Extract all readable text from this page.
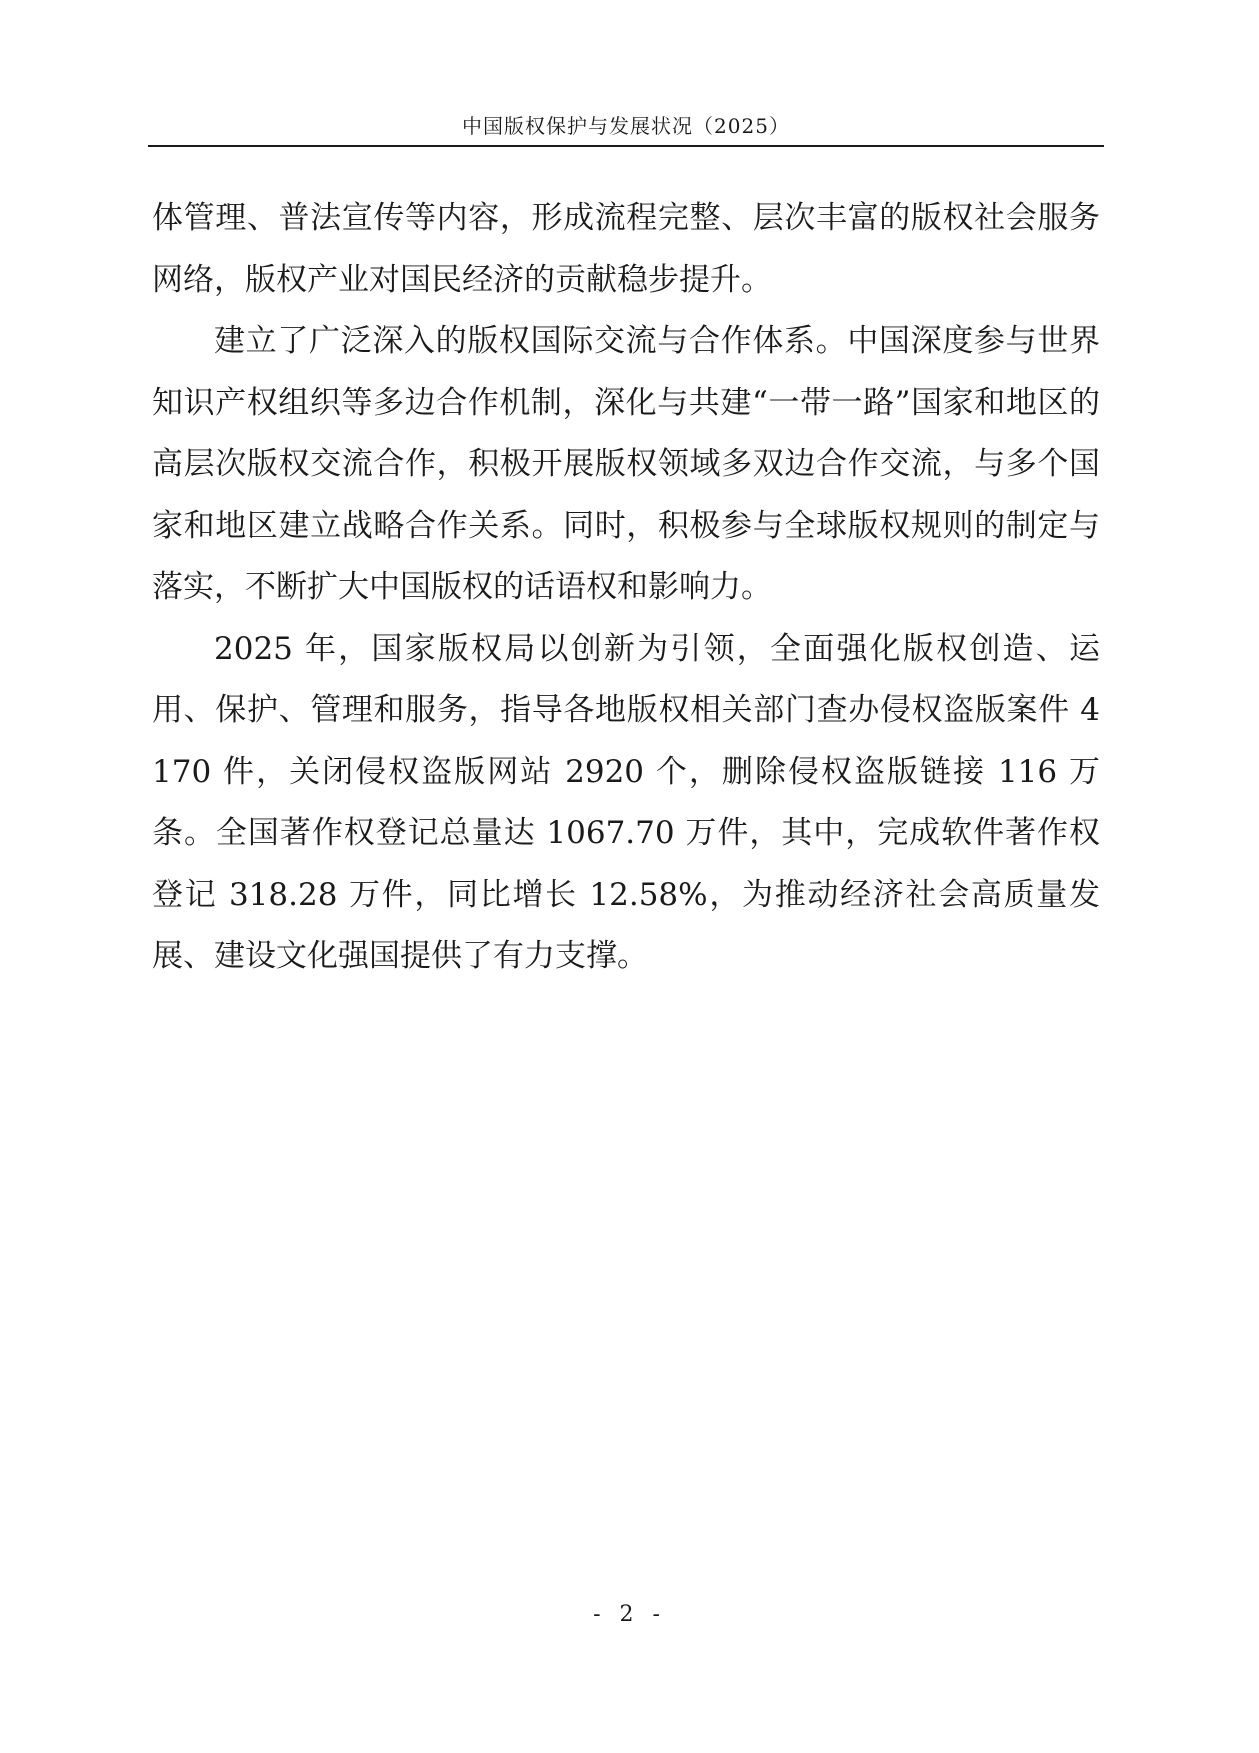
中国版权保护与发展状况（2025）

体管理、普法宣传等内容，形成流程完整、层次丰富的版权社会服务网络，版权产业对国民经济的贡献稳步提升。

建立了广泛深入的版权国际交流与合作体系。中国深度参与世界知识产权组织等多边合作机制，深化与共建“一带一路”国家和地区的高层次版权交流合作，积极开展版权领域多双边合作交流，与多个国家和地区建立战略合作关系。同时，积极参与全球版权规则的制定与落实，不断扩大中国版权的话语权和影响力。

2025 年，国家版权局以创新为引领，全面强化版权创造、运用、保护、管理和服务，指导各地版权相关部门查办侵权盗版案件 4170 件，关闭侵权盗版网站 2920 个，删除侵权盗版链接 116 万条。全国著作权登记总量达 1067.70 万件，其中，完成软件著作权登记 318.28 万件，同比增长 12.58%，为推动经济社会高质量发展、建设文化强国提供了有力支撑。

- 2 -
